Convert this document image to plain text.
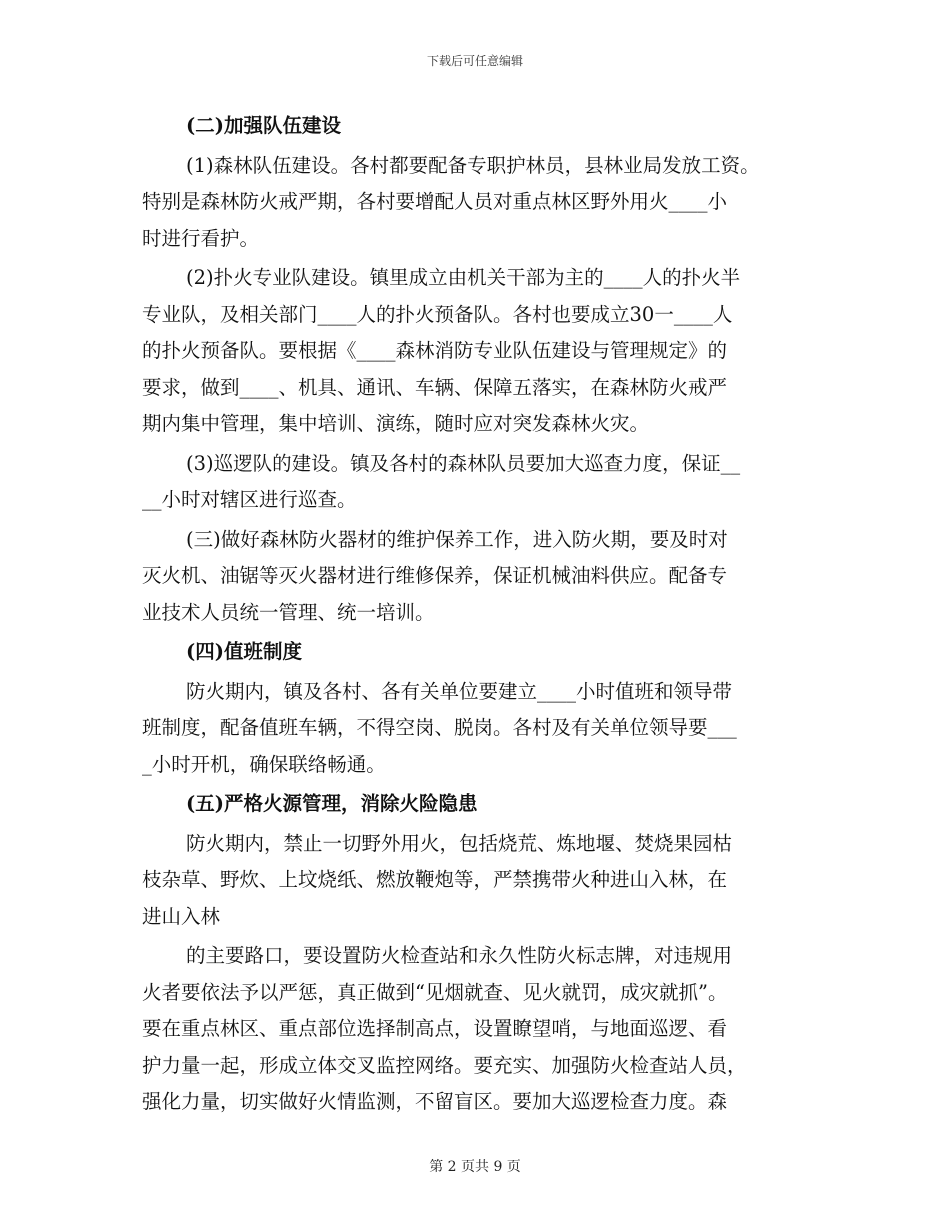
下载后可任意编辑
(二)加强队伍建设
(1)森林队伍建设。各村都要配备专职护林员，县林业局发放工资。
特别是森林防火戒严期，各村要增配人员对重点林区野外用火____小
时进行看护。
(2)扑火专业队建设。镇里成立由机关干部为主的____人的扑火半
专业队，及相关部门____人的扑火预备队。各村也要成立30一____人
的扑火预备队。要根据《____森林消防专业队伍建设与管理规定》的
要求，做到____、机具、通讯、车辆、保障五落实，在森林防火戒严
期内集中管理，集中培训、演练，随时应对突发森林火灾。
(3)巡逻队的建设。镇及各村的森林队员要加大巡查力度，保证__
__小时对辖区进行巡查。
(三)做好森林防火器材的维护保养工作，进入防火期，要及时对
灭火机、油锯等灭火器材进行维修保养，保证机械油料供应。配备专
业技术人员统一管理、统一培训。
(四)值班制度
防火期内，镇及各村、各有关单位要建立____小时值班和领导带
班制度，配备值班车辆，不得空岗、脱岗。各村及有关单位领导要___
_小时开机，确保联络畅通。
(五)严格火源管理，消除火险隐患
防火期内，禁止一切野外用火，包括烧荒、炼地堰、焚烧果园枯
枝杂草、野炊、上坟烧纸、燃放鞭炮等，严禁携带火种进山入林，在
进山入林
的主要路口，要设置防火检查站和永久性防火标志牌，对违规用
火者要依法予以严惩，真正做到“见烟就查、见火就罚，成灾就抓”。
要在重点林区、重点部位选择制高点，设置瞭望哨，与地面巡逻、看
护力量一起，形成立体交叉监控网络。要充实、加强防火检查站人员，
强化力量，切实做好火情监测，不留盲区。要加大巡逻检查力度。森
第 2 页共 9 页
